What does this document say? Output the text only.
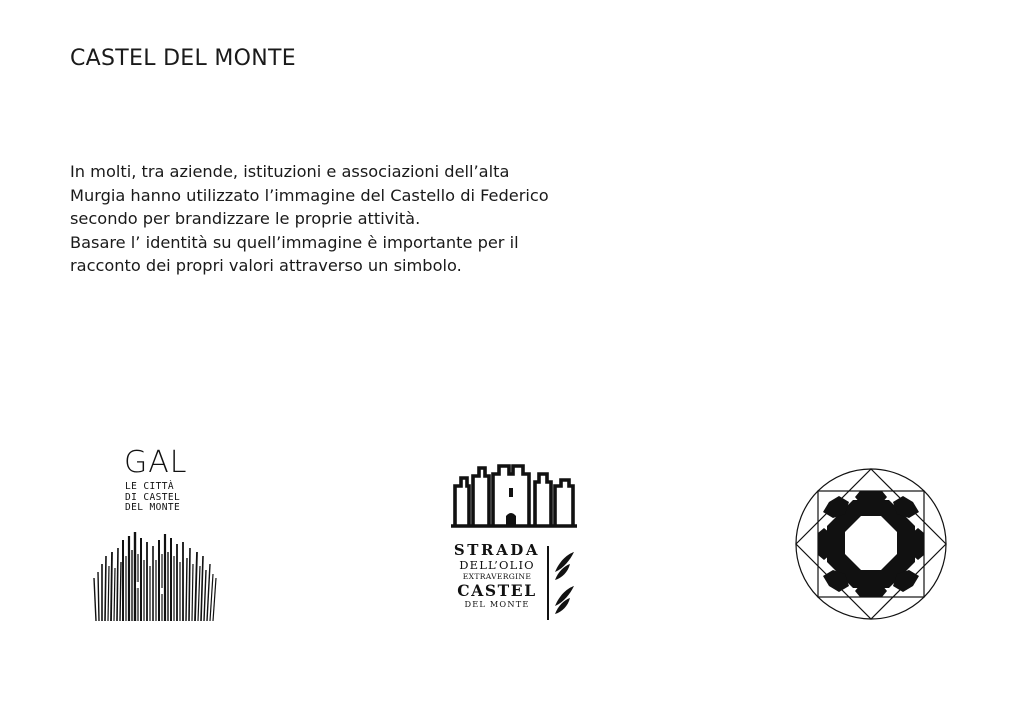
CASTEL DEL MONTE
In molti, tra aziende, istituzioni e associazioni dell’alta
Murgia hanno utilizzato l’immagine del Castello di Federico
secondo per brandizzare le proprie attività.
Basare l’ identità su quell’immagine è importante per il
racconto dei propri valori attraverso un simbolo.
GAL
LE CITTÀ
DI CASTEL
DEL MONTE
STRADA
DELL’OLIO
EXTRAVERGINE
CASTEL
DEL MONTE
